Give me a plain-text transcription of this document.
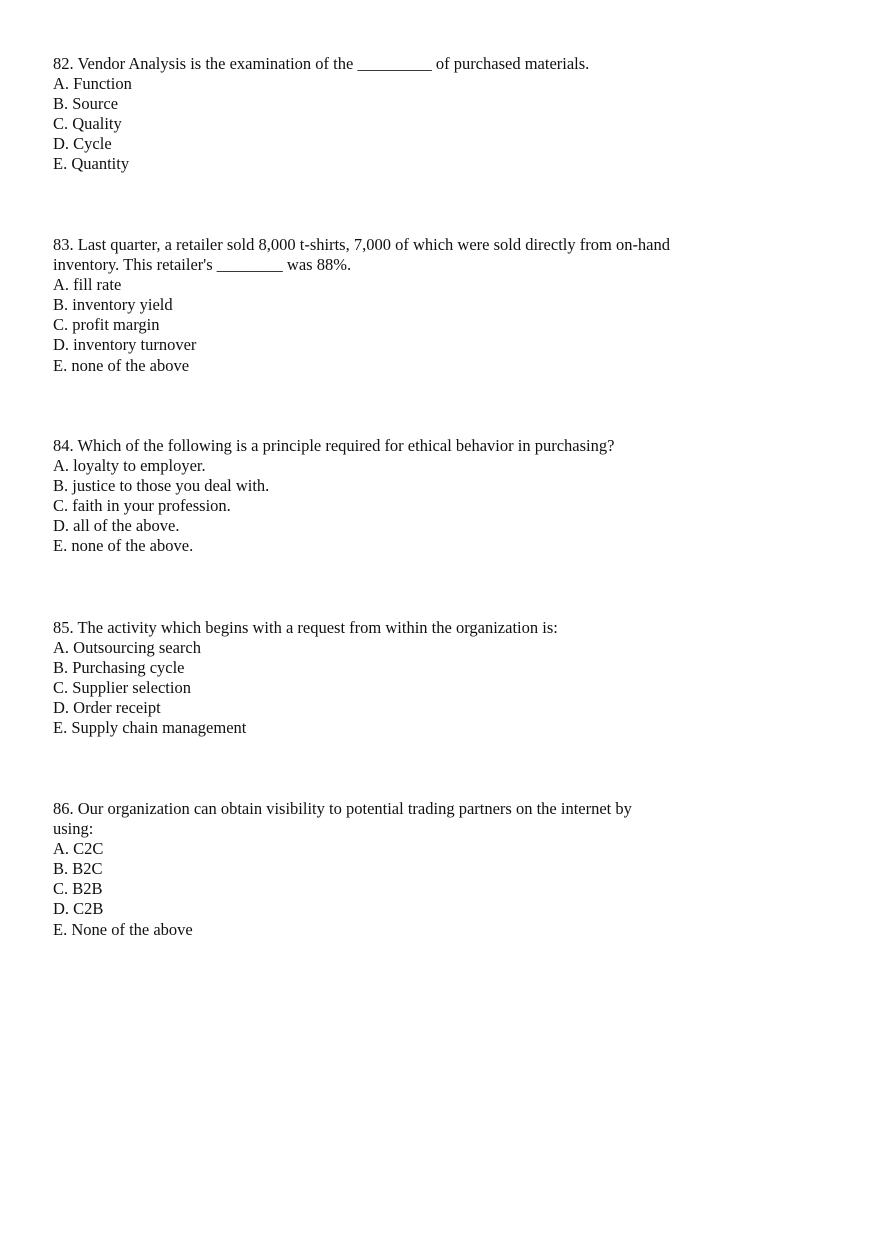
82. Vendor Analysis is the examination of the _________ of purchased materials.

A. Function
B. Source
C. Quality
D. Cycle
E. Quantity

83. Last quarter, a retailer sold 8,000 t-shirts, 7,000 of which were sold directly from on-hand inventory. This retailer's ________ was 88%.

A. fill rate
B. inventory yield
C. profit margin
D. inventory turnover
E. none of the above

84. Which of the following is a principle required for ethical behavior in purchasing?

A. loyalty to employer.
B. justice to those you deal with.
C. faith in your profession.
D. all of the above.
E. none of the above.

85. The activity which begins with a request from within the organization is:

A. Outsourcing search
B. Purchasing cycle
C. Supplier selection
D. Order receipt
E. Supply chain management

86. Our organization can obtain visibility to potential trading partners on the internet by using:

A. C2C
B. B2C
C. B2B
D. C2B
E. None of the above
